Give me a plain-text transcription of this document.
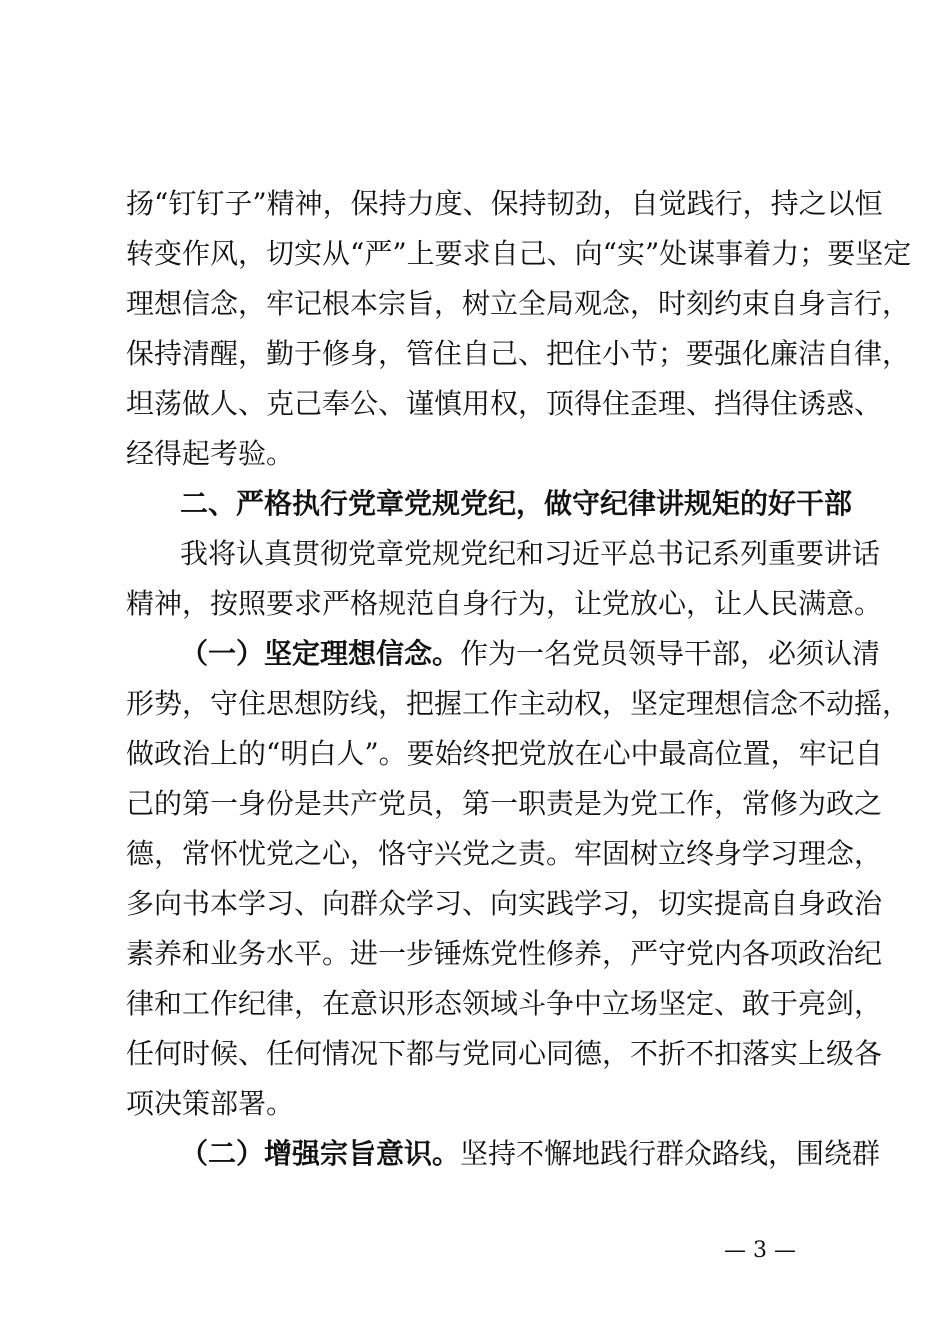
扬“钉钉子”精神，保持力度、保持韧劲，自觉践行，持之以恒
转变作风，切实从“严”上要求自己、向“实”处谋事着力；要坚定
理想信念，牢记根本宗旨，树立全局观念，时刻约束自身言行，
保持清醒，勤于修身，管住自己、把住小节；要强化廉洁自律，
坦荡做人、克己奉公、谨慎用权，顶得住歪理、挡得住诱惑、
经得起考验。
二、严格执行党章党规党纪，做守纪律讲规矩的好干部
我将认真贯彻党章党规党纪和习近平总书记系列重要讲话
精神，按照要求严格规范自身行为，让党放心，让人民满意。
（一）坚定理想信念。作为一名党员领导干部，必须认清
形势，守住思想防线，把握工作主动权，坚定理想信念不动摇，
做政治上的“明白人”。要始终把党放在心中最高位置，牢记自
己的第一身份是共产党员，第一职责是为党工作，常修为政之
德，常怀忧党之心，恪守兴党之责。牢固树立终身学习理念，
多向书本学习、向群众学习、向实践学习，切实提高自身政治
素养和业务水平。进一步锤炼党性修养，严守党内各项政治纪
律和工作纪律，在意识形态领域斗争中立场坚定、敢于亮剑，
任何时候、任何情况下都与党同心同德，不折不扣落实上级各
项决策部署。
（二）增强宗旨意识。坚持不懈地践行群众路线，围绕群
— 3 —
